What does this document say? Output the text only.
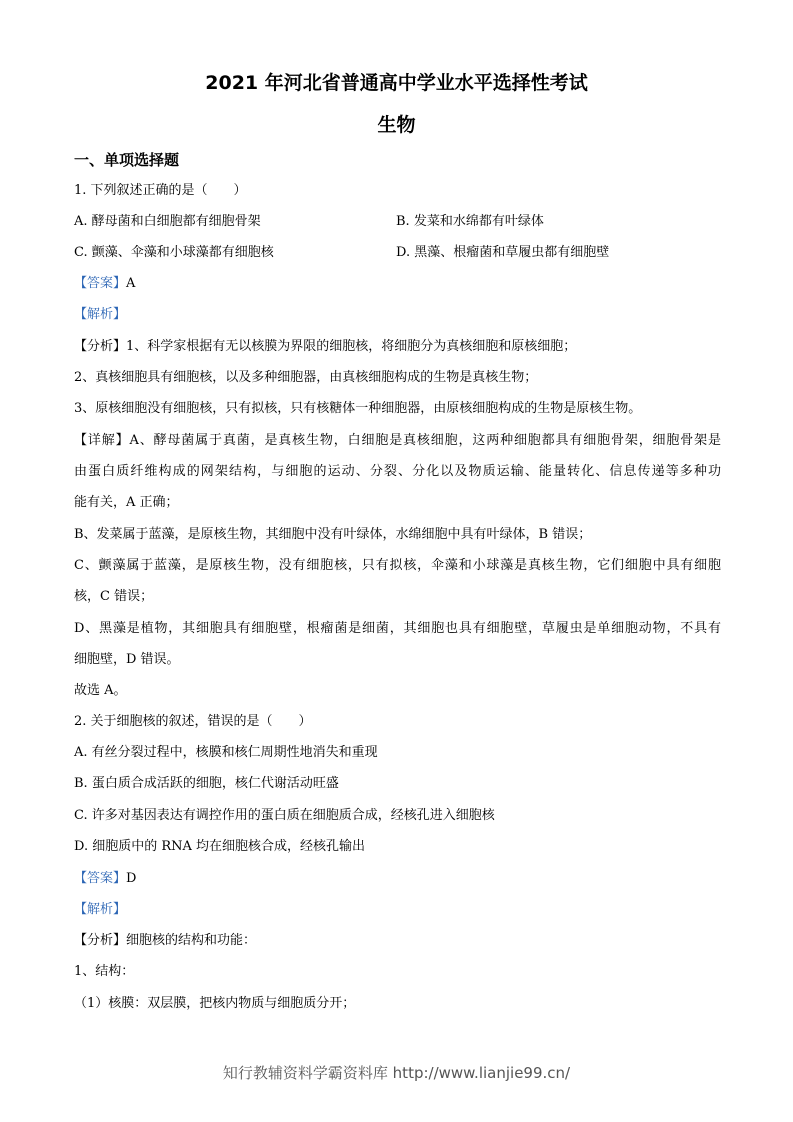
2021 年河北省普通高中学业水平选择性考试
生物
一、单项选择题
1. 下列叙述正确的是（　　）
A. 酵母菌和白细胞都有细胞骨架	B. 发菜和水绵都有叶绿体
C. 颤藻、伞藻和小球藻都有细胞核	D. 黑藻、根瘤菌和草履虫都有细胞壁
【答案】A
【解析】
【分析】1、科学家根据有无以核膜为界限的细胞核，将细胞分为真核细胞和原核细胞；
2、真核细胞具有细胞核，以及多种细胞器，由真核细胞构成的生物是真核生物；
3、原核细胞没有细胞核，只有拟核，只有核糖体一种细胞器，由原核细胞构成的生物是原核生物。
【详解】A、酵母菌属于真菌，是真核生物，白细胞是真核细胞，这两种细胞都具有细胞骨架，细胞骨架是
由蛋白质纤维构成的网架结构，与细胞的运动、分裂、分化以及物质运输、能量转化、信息传递等多种功
能有关，A 正确；
B、发菜属于蓝藻，是原核生物，其细胞中没有叶绿体，水绵细胞中具有叶绿体，B 错误；
C、颤藻属于蓝藻，是原核生物，没有细胞核，只有拟核，伞藻和小球藻是真核生物，它们细胞中具有细胞
核，C 错误；
D、黑藻是植物，其细胞具有细胞壁，根瘤菌是细菌，其细胞也具有细胞壁，草履虫是单细胞动物，不具有
细胞壁，D 错误。
故选 A。
2. 关于细胞核的叙述，错误的是（　　）
A. 有丝分裂过程中，核膜和核仁周期性地消失和重现
B. 蛋白质合成活跃的细胞，核仁代谢活动旺盛
C. 许多对基因表达有调控作用的蛋白质在细胞质合成，经核孔进入细胞核
D. 细胞质中的 RNA 均在细胞核合成，经核孔输出
【答案】D
【解析】
【分析】细胞核的结构和功能：
1、结构：
（1）核膜：双层膜，把核内物质与细胞质分开；
知行教辅资料学霸资料库 http://www.lianjie99.cn/
